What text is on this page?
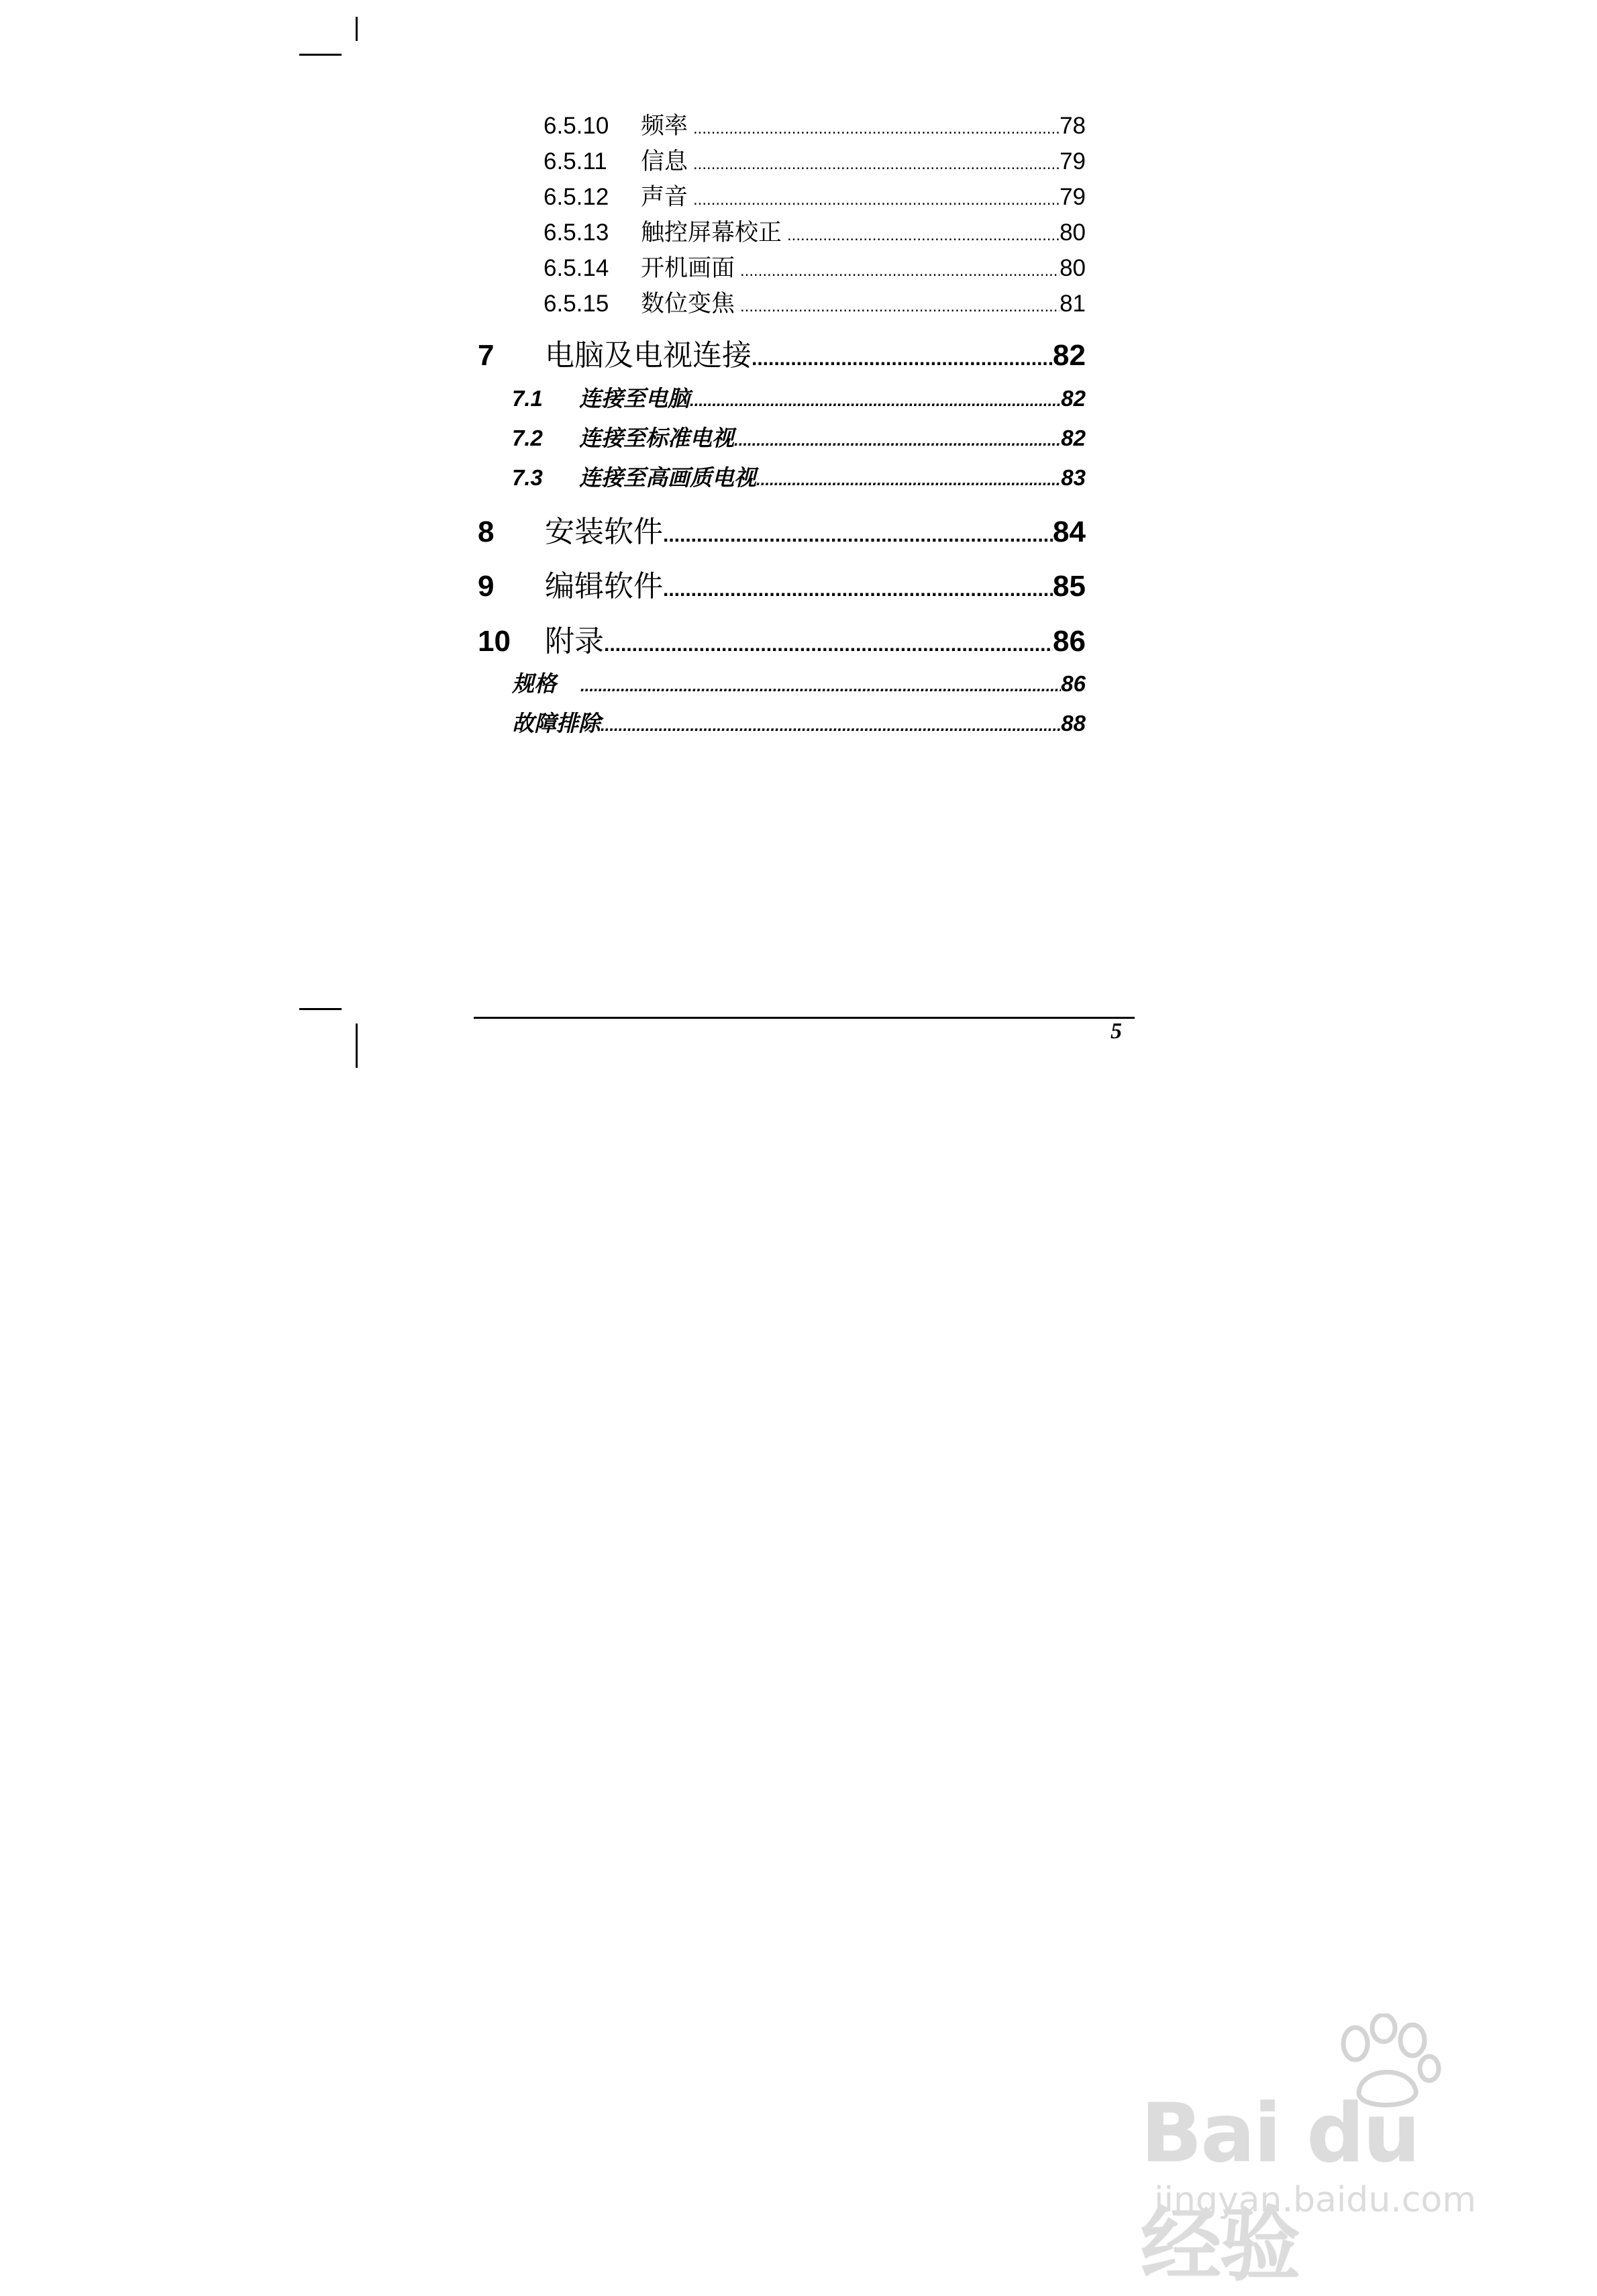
6.5.10	频率 .....	78
6.5.11	信息 .....	79
6.5.12	声音 .....	79
6.5.13	触控屏幕校正 .....	80
6.5.14	开机画面 .....	80
6.5.15	数位变焦 .....	81
7	电脑及电视连接 .....	82
7.1	连接至电脑 .....	82
7.2	连接至标准电视 .....	82
7.3	连接至高画质电视 .....	83
8	安装软件 .....	84
9	编辑软件 .....	85
10	附录 .....	86
规格 .....	86
故障排除 .....	88
5
Bai du 经验
jingyan.baidu.com
